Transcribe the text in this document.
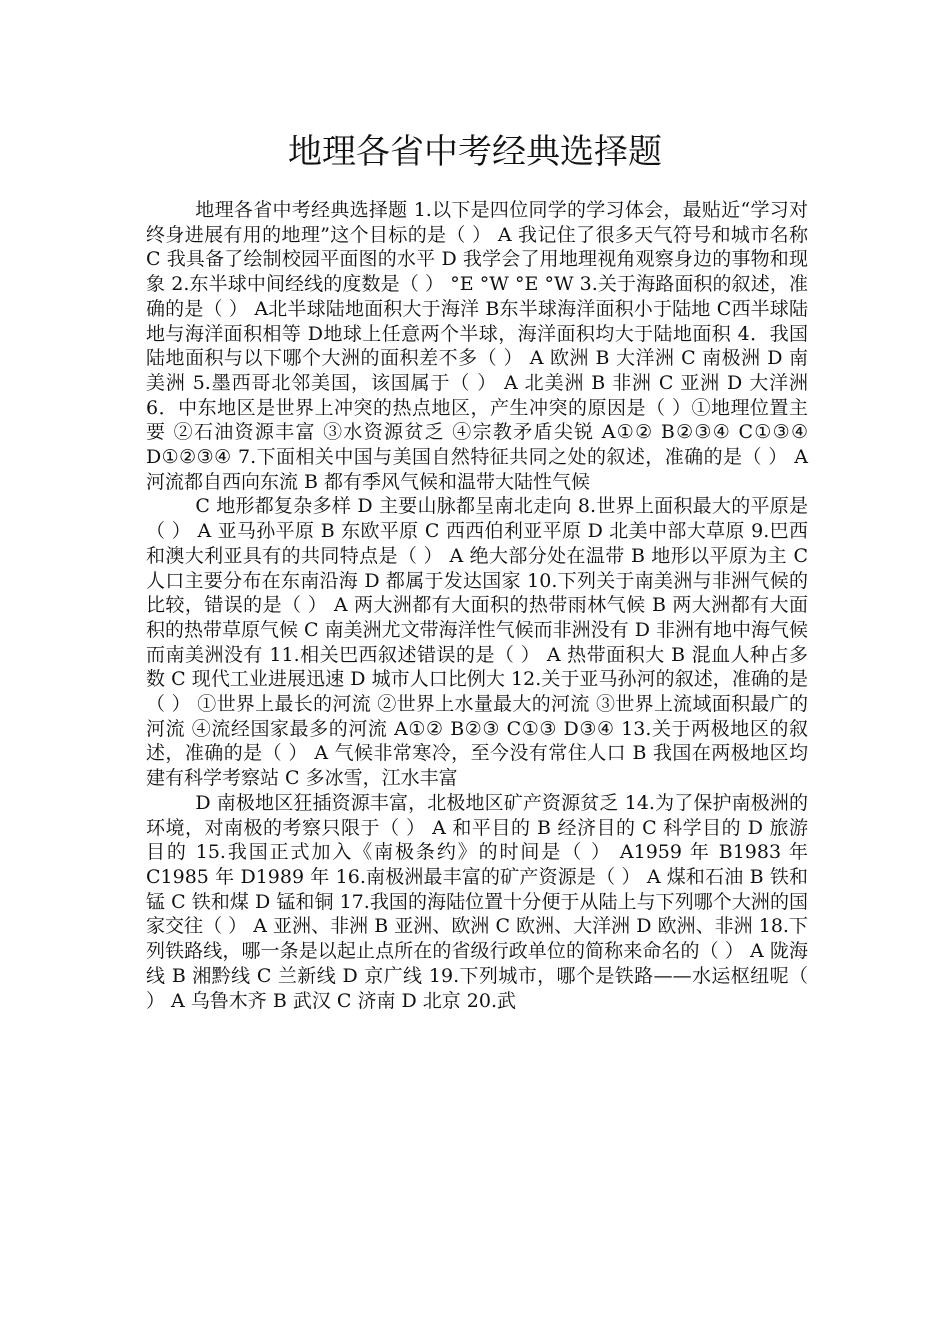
地理各省中考经典选择题

地理各省中考经典选择题 1.以下是四位同学的学习体会，最贴近“学习对终身进展有用的地理”这个目标的是（ ） A 我记住了很多天气符号和城市名称 C 我具备了绘制校园平面图的水平 D 我学会了用地理视角观察身边的事物和现象 2.东半球中间经线的度数是（ ） °E °W °E °W 3.关于海路面积的叙述，准确的是（ ） A北半球陆地面积大于海洋 B东半球海洋面积小于陆地 C西半球陆地与海洋面积相等 D地球上任意两个半球，海洋面积均大于陆地面积 4．我国陆地面积与以下哪个大洲的面积差不多（ ） A 欧洲 B 大洋洲 C 南极洲 D 南美洲 5.墨西哥北邻美国，该国属于（ ） A 北美洲 B 非洲 C 亚洲 D 大洋洲 6．中东地区是世界上冲突的热点地区，产生冲突的原因是（ ）①地理位置主要 ②石油资源丰富 ③水资源贫乏 ④宗教矛盾尖锐 A①② B②③④ C①③④ D①②③④ 7.下面相关中国与美国自然特征共同之处的叙述，准确的是（ ） A 河流都自西向东流 B 都有季风气候和温带大陆性气候

C 地形都复杂多样 D 主要山脉都呈南北走向 8.世界上面积最大的平原是（ ） A 亚马孙平原 B 东欧平原 C 西西伯利亚平原 D 北美中部大草原 9.巴西和澳大利亚具有的共同特点是（ ） A 绝大部分处在温带 B 地形以平原为主 C 人口主要分布在东南沿海 D 都属于发达国家 10.下列关于南美洲与非洲气候的比较，错误的是（ ） A 两大洲都有大面积的热带雨林气候 B 两大洲都有大面积的热带草原气候 C 南美洲尤文带海洋性气候而非洲没有 D 非洲有地中海气候而南美洲没有 11.相关巴西叙述错误的是（ ） A 热带面积大 B 混血人种占多数 C 现代工业进展迅速 D 城市人口比例大 12.关于亚马孙河的叙述，准确的是（ ） ①世界上最长的河流 ②世界上水量最大的河流 ③世界上流域面积最广的河流 ④流经国家最多的河流 A①② B②③ C①③ D③④ 13.关于两极地区的叙述，准确的是（ ） A 气候非常寒冷，至今没有常住人口 B 我国在两极地区均建有科学考察站 C 多冰雪，江水丰富

D 南极地区狂插资源丰富，北极地区矿产资源贫乏 14.为了保护南极洲的环境，对南极的考察只限于（ ） A 和平目的 B 经济目的 C 科学目的 D 旅游目的 15.我国正式加入《南极条约》的时间是（ ） A1959 年 B1983 年 C1985 年 D1989 年 16.南极洲最丰富的矿产资源是（ ） A 煤和石油 B 铁和锰 C 铁和煤 D 锰和铜 17.我国的海陆位置十分便于从陆上与下列哪个大洲的国家交往（ ） A 亚洲、非洲 B 亚洲、欧洲 C 欧洲、大洋洲 D 欧洲、非洲 18.下列铁路线，哪一条是以起止点所在的省级行政单位的简称来命名的（ ） A 陇海线 B 湘黔线 C 兰新线 D 京广线 19.下列城市，哪个是铁路——水运枢纽呢（ ） A 乌鲁木齐 B 武汉 C 济南 D 北京 20.武
